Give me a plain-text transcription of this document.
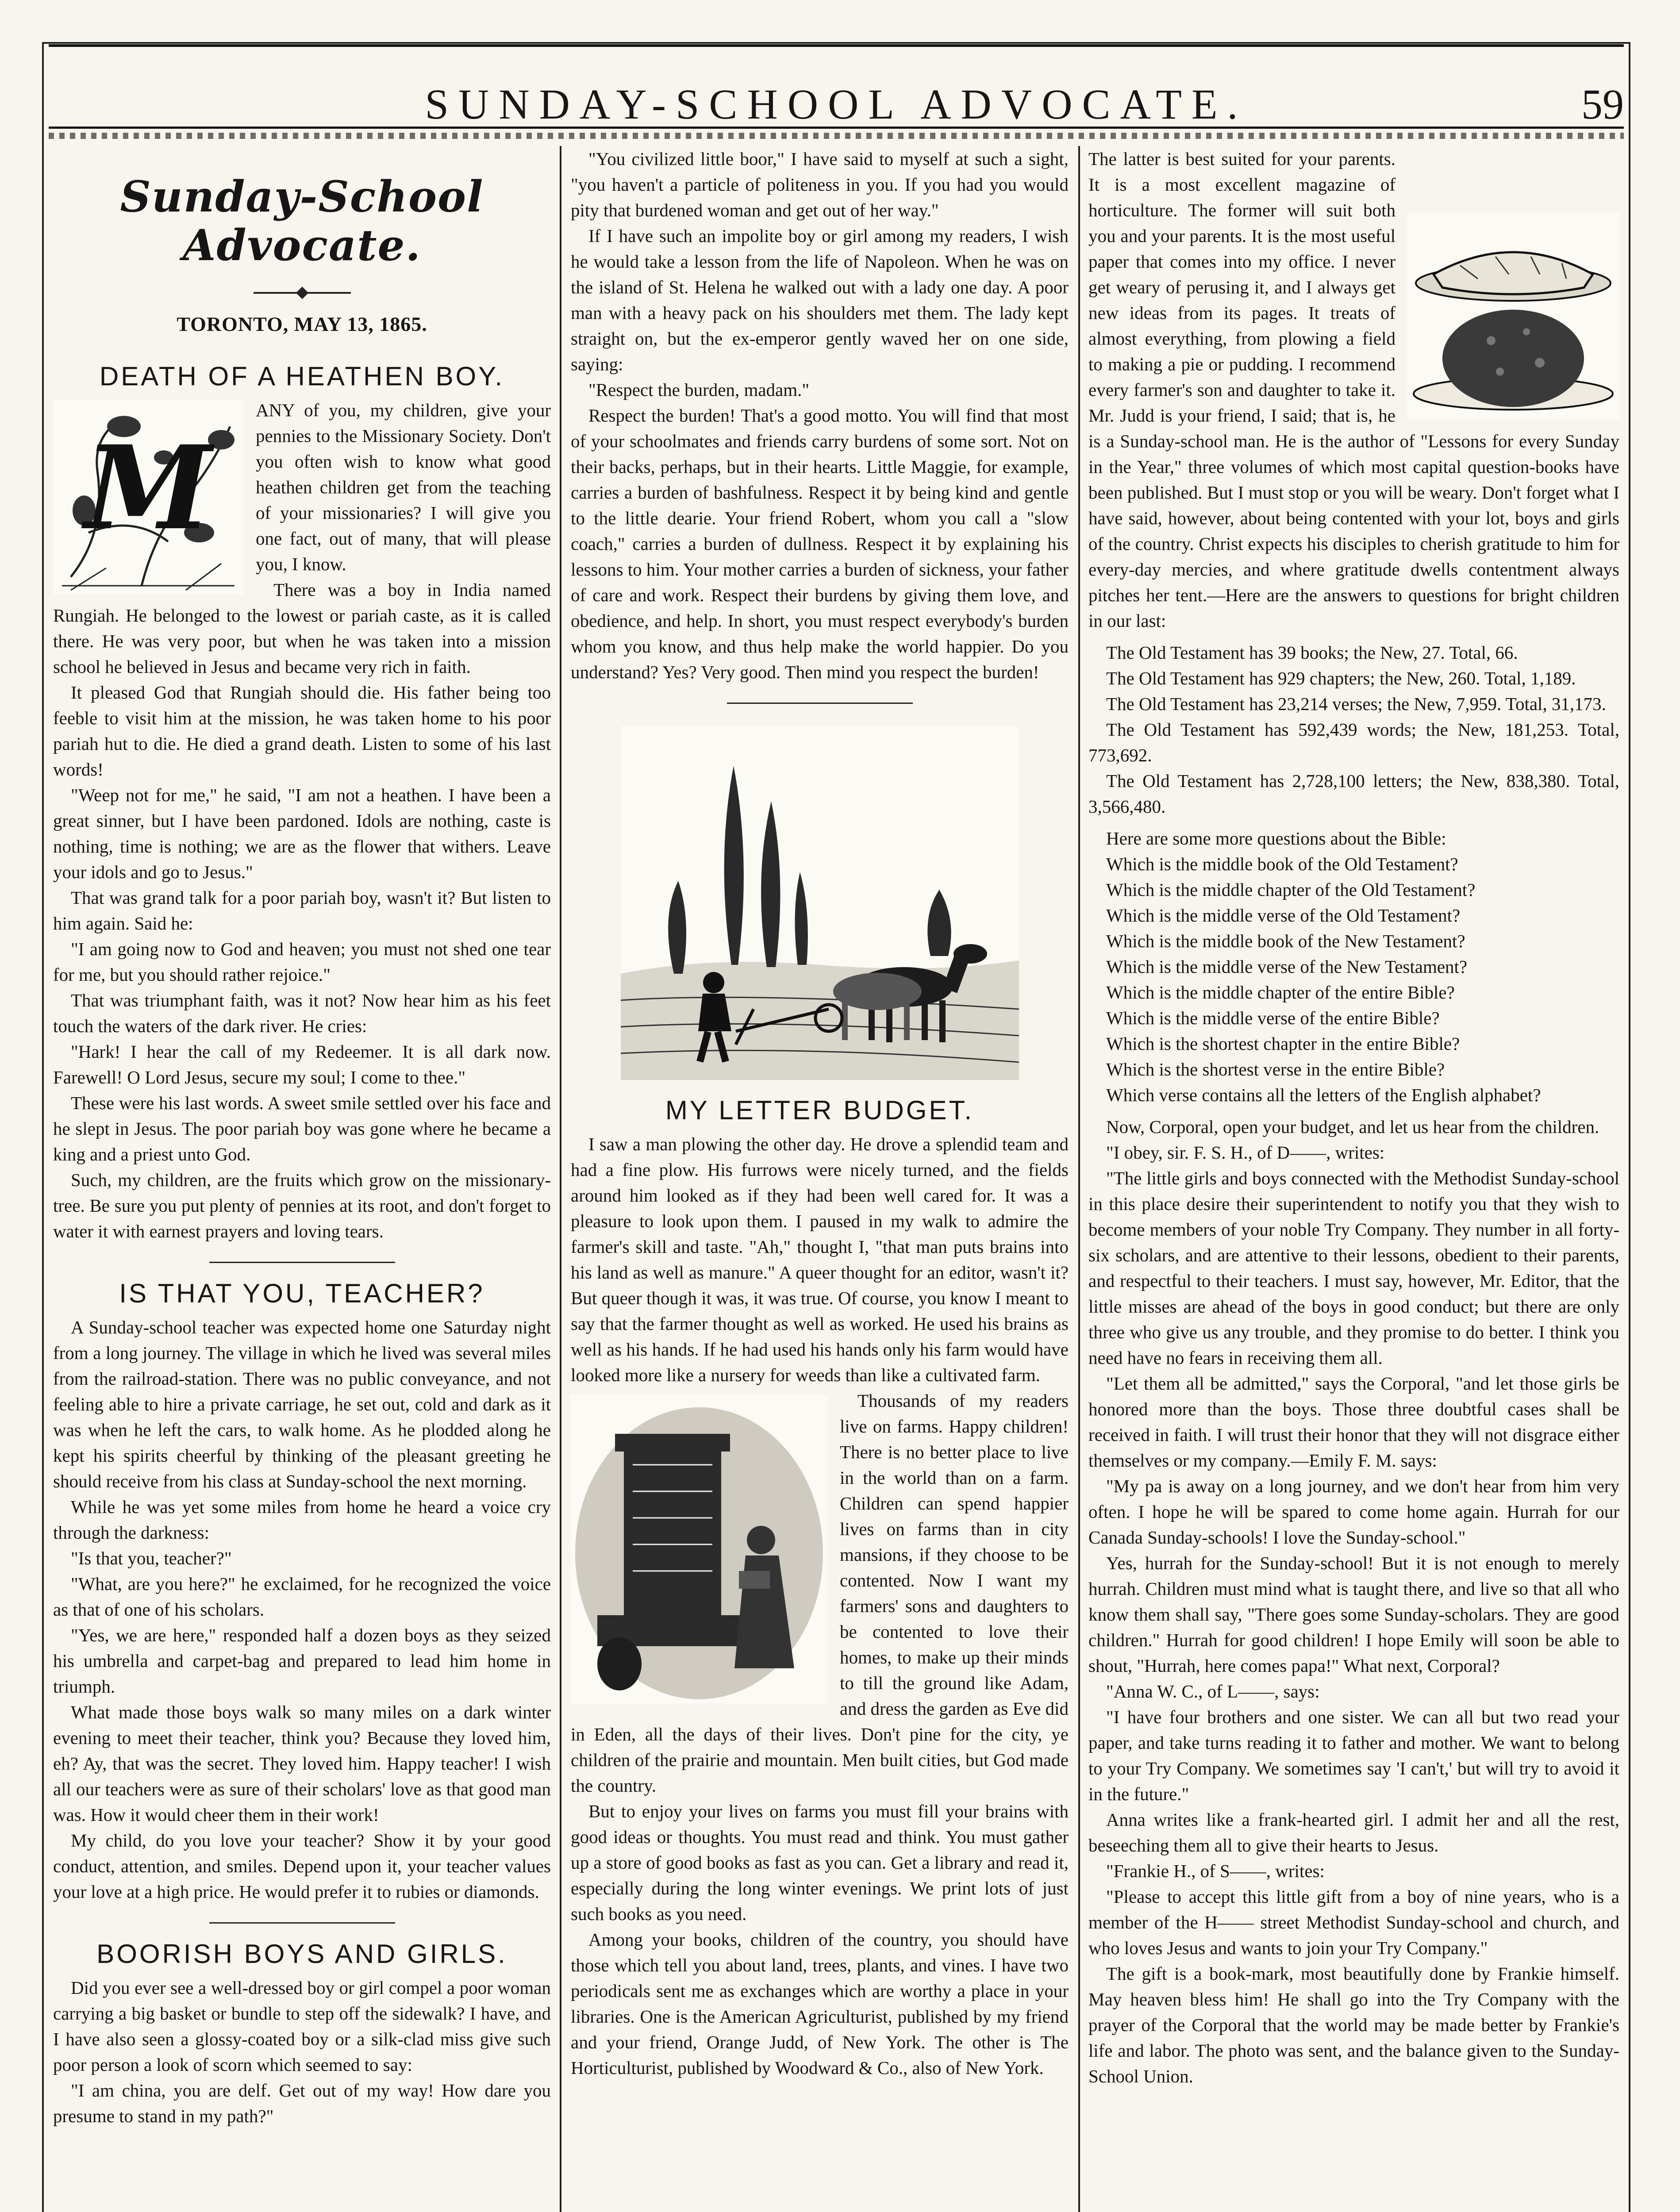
SUNDAY-SCHOOL ADVOCATE.	59
Sunday-School Advocate.
TORONTO, MAY 13, 1865.
DEATH OF A HEATHEN BOY.
M

ANY of you, my children, give your pennies to the Missionary Society. Don't you often wish to know what good heathen children get from the teaching of your missionaries? I will give you one fact, out of many, that will please you, I know.

There was a boy in India named Rungiah. He belonged to the lowest or pariah caste, as it is called there. He was very poor, but when he was taken into a mission school he believed in Jesus and became very rich in faith.

It pleased God that Rungiah should die. His father being too feeble to visit him at the mission, he was taken home to his poor pariah hut to die. He died a grand death. Listen to some of his last words!

"Weep not for me," he said, "I am not a heathen. I have been a great sinner, but I have been pardoned. Idols are nothing, caste is nothing, time is nothing; we are as the flower that withers. Leave your idols and go to Jesus."

That was grand talk for a poor pariah boy, wasn't it? But listen to him again. Said he:

"I am going now to God and heaven; you must not shed one tear for me, but you should rather rejoice."

That was triumphant faith, was it not? Now hear him as his feet touch the waters of the dark river. He cries:

"Hark! I hear the call of my Redeemer. It is all dark now. Farewell! O Lord Jesus, secure my soul; I come to thee."

These were his last words. A sweet smile settled over his face and he slept in Jesus. The poor pariah boy was gone where he became a king and a priest unto God.

Such, my children, are the fruits which grow on the missionary-tree. Be sure you put plenty of pennies at its root, and don't forget to water it with earnest prayers and loving tears.

IS THAT YOU, TEACHER?

A Sunday-school teacher was expected home one Saturday night from a long journey. The village in which he lived was several miles from the railroad-station. There was no public conveyance, and not feeling able to hire a private carriage, he set out, cold and dark as it was when he left the cars, to walk home. As he plodded along he kept his spirits cheerful by thinking of the pleasant greeting he should receive from his class at Sunday-school the next morning.

While he was yet some miles from home he heard a voice cry through the darkness:

"Is that you, teacher?"

"What, are you here?" he exclaimed, for he recognized the voice as that of one of his scholars.

"Yes, we are here," responded half a dozen boys as they seized his umbrella and carpet-bag and prepared to lead him home in triumph.

What made those boys walk so many miles on a dark winter evening to meet their teacher, think you? Because they loved him, eh? Ay, that was the secret. They loved him. Happy teacher! I wish all our teachers were as sure of their scholars' love as that good man was. How it would cheer them in their work!

My child, do you love your teacher? Show it by your good conduct, attention, and smiles. Depend upon it, your teacher values your love at a high price. He would prefer it to rubies or diamonds.

BOORISH BOYS AND GIRLS.

Did you ever see a well-dressed boy or girl compel a poor woman carrying a big basket or bundle to step off the sidewalk? I have, and I have also seen a glossy-coated boy or a silk-clad miss give such poor person a look of scorn which seemed to say:

"I am china, you are delf. Get out of my way! How dare you presume to stand in my path?"

"You civilized little boor," I have said to myself at such a sight, "you haven't a particle of politeness in you. If you had you would pity that burdened woman and get out of her way."

If I have such an impolite boy or girl among my readers, I wish he would take a lesson from the life of Napoleon. When he was on the island of St. Helena he walked out with a lady one day. A poor man with a heavy pack on his shoulders met them. The lady kept straight on, but the ex-emperor gently waved her on one side, saying:

"Respect the burden, madam."

Respect the burden! That's a good motto. You will find that most of your schoolmates and friends carry burdens of some sort. Not on their backs, perhaps, but in their hearts. Little Maggie, for example, carries a burden of bashfulness. Respect it by being kind and gentle to the little dearie. Your friend Robert, whom you call a "slow coach," carries a burden of dullness. Respect it by explaining his lessons to him. Your mother carries a burden of sickness, your father of care and work. Respect their burdens by giving them love, and obedience, and help. In short, you must respect everybody's burden whom you know, and thus help make the world happier. Do you understand? Yes? Very good. Then mind you respect the burden!

MY LETTER BUDGET.

I saw a man plowing the other day. He drove a splendid team and had a fine plow. His furrows were nicely turned, and the fields around him looked as if they had been well cared for. It was a pleasure to look upon them. I paused in my walk to admire the farmer's skill and taste. "Ah," thought I, "that man puts brains into his land as well as manure." A queer thought for an editor, wasn't it? But queer though it was, it was true. Of course, you know I meant to say that the farmer thought as well as worked. He used his brains as well as his hands. If he had used his hands only his farm would have looked more like a nursery for weeds than like a cultivated farm.

Thousands of my readers live on farms. Happy children! There is no better place to live in the world than on a farm. Children can spend happier lives on farms than in city mansions, if they choose to be contented. Now I want my farmers' sons and daughters to be contented to love their homes, to make up their minds to till the ground like Adam, and dress the garden as Eve did in Eden, all the days of their lives. Don't pine for the city, ye children of the prairie and mountain. Men built cities, but God made the country.

But to enjoy your lives on farms you must fill your brains with good ideas or thoughts. You must read and think. You must gather up a store of good books as fast as you can. Get a library and read it, especially during the long winter evenings. We print lots of just such books as you need.

Among your books, children of the country, you should have those which tell you about land, trees, plants, and vines. I have two periodicals sent me as exchanges which are worthy a place in your libraries. One is the American Agriculturist, published by my friend and your friend, Orange Judd, of New York. The other is The Horticulturist, published by Woodward & Co., also of New York.

The latter is best suited for your parents. It is a most excellent magazine of horticulture. The former will suit both you and your parents. It is the most useful paper that comes into my office. I never get weary of perusing it, and I always get new ideas from its pages. It treats of almost everything, from plowing a field to making a pie or pudding. I recommend every farmer's son and daughter to take it. Mr. Judd is your friend, I said; that is, he is a Sunday-school man. He is the author of "Lessons for every Sunday in the Year," three volumes of which most capital question-books have been published. But I must stop or you will be weary. Don't forget what I have said, however, about being contented with your lot, boys and girls of the country. Christ expects his disciples to cherish gratitude to him for every-day mercies, and where gratitude dwells contentment always pitches her tent.—Here are the answers to questions for bright children in our last:

The Old Testament has 39 books; the New, 27. Total, 66.

The Old Testament has 929 chapters; the New, 260. Total, 1,189.

The Old Testament has 23,214 verses; the New, 7,959. Total, 31,173.

The Old Testament has 592,439 words; the New, 181,253. Total, 773,692.

The Old Testament has 2,728,100 letters; the New, 838,380. Total, 3,566,480.

Here are some more questions about the Bible:

Which is the middle book of the Old Testament?

Which is the middle chapter of the Old Testament?

Which is the middle verse of the Old Testament?

Which is the middle book of the New Testament?

Which is the middle verse of the New Testament?

Which is the middle chapter of the entire Bible?

Which is the middle verse of the entire Bible?

Which is the shortest chapter in the entire Bible?

Which is the shortest verse in the entire Bible?

Which verse contains all the letters of the English alphabet?

Now, Corporal, open your budget, and let us hear from the children.

"I obey, sir. F. S. H., of D——, writes:

"The little girls and boys connected with the Methodist Sunday-school in this place desire their superintendent to notify you that they wish to become members of your noble Try Company. They number in all forty-six scholars, and are attentive to their lessons, obedient to their parents, and respectful to their teachers. I must say, however, Mr. Editor, that the little misses are ahead of the boys in good conduct; but there are only three who give us any trouble, and they promise to do better. I think you need have no fears in receiving them all.

"Let them all be admitted," says the Corporal, "and let those girls be honored more than the boys. Those three doubtful cases shall be received in faith. I will trust their honor that they will not disgrace either themselves or my company.—Emily F. M. says:

"My pa is away on a long journey, and we don't hear from him very often. I hope he will be spared to come home again. Hurrah for our Canada Sunday-schools! I love the Sunday-school."

Yes, hurrah for the Sunday-school! But it is not enough to merely hurrah. Children must mind what is taught there, and live so that all who know them shall say, "There goes some Sunday-scholars. They are good children." Hurrah for good children! I hope Emily will soon be able to shout, "Hurrah, here comes papa!" What next, Corporal?

"Anna W. C., of L——, says:

"I have four brothers and one sister. We can all but two read your paper, and take turns reading it to father and mother. We want to belong to your Try Company. We sometimes say 'I can't,' but will try to avoid it in the future."

Anna writes like a frank-hearted girl. I admit her and all the rest, beseeching them all to give their hearts to Jesus.

"Frankie H., of S——, writes:

"Please to accept this little gift from a boy of nine years, who is a member of the H—— street Methodist Sunday-school and church, and who loves Jesus and wants to join your Try Company."

The gift is a book-mark, most beautifully done by Frankie himself. May heaven bless him! He shall go into the Try Company with the prayer of the Corporal that the world may be made better by Frankie's life and labor. The photo was sent, and the balance given to the Sunday-School Union.
